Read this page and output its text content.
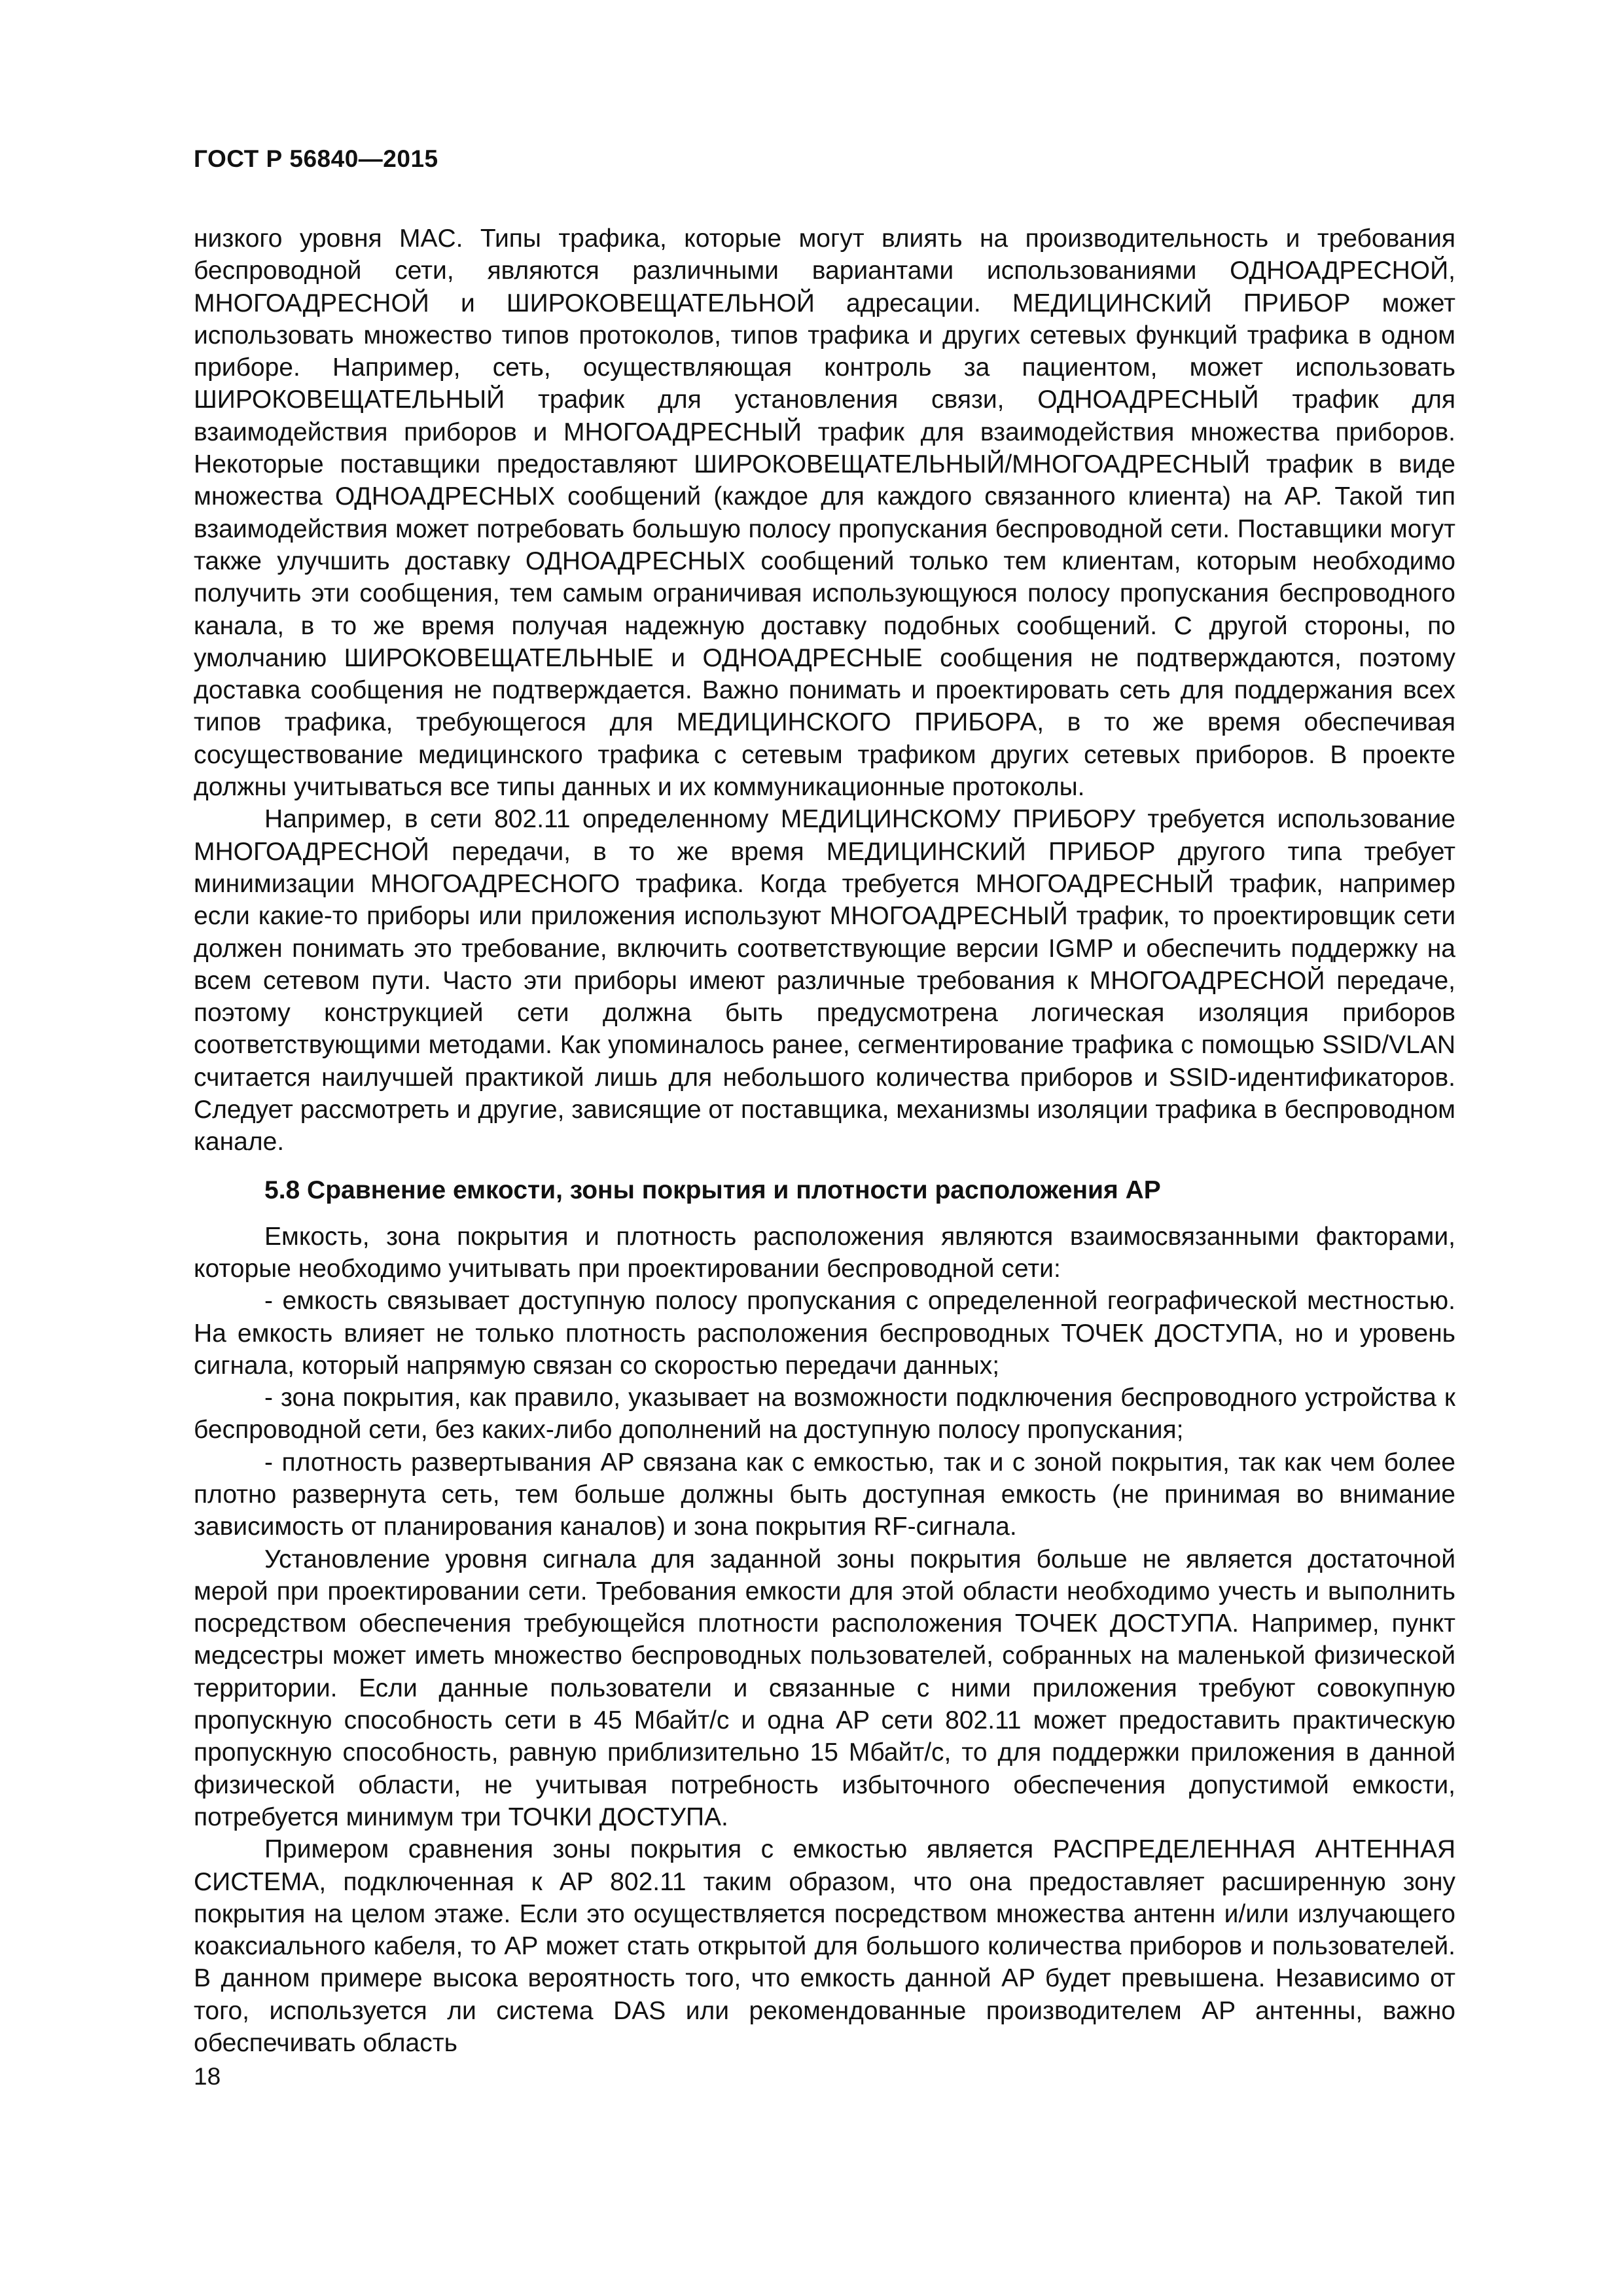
ГОСТ Р 56840—2015

низкого уровня MAC. Типы трафика, которые могут влиять на производительность и требования беспроводной сети, являются различными вариантами использованиями ОДНОАДРЕСНОЙ, МНОГОАДРЕСНОЙ и ШИРОКОВЕЩАТЕЛЬНОЙ адресации. МЕДИЦИНСКИЙ ПРИБОР может использовать множество типов протоколов, типов трафика и других сетевых функций трафика в одном приборе. Например, сеть, осуществляющая контроль за пациентом, может использовать ШИРОКОВЕЩАТЕЛЬНЫЙ трафик для установления связи, ОДНОАДРЕСНЫЙ трафик для взаимодействия приборов и МНОГОАДРЕСНЫЙ трафик для взаимодействия множества приборов. Некоторые поставщики предоставляют ШИРОКОВЕЩАТЕЛЬНЫЙ/МНОГОАДРЕСНЫЙ трафик в виде множества ОДНОАДРЕСНЫХ сообщений (каждое для каждого связанного клиента) на AP. Такой тип взаимодействия может потребовать большую полосу пропускания беспроводной сети. Поставщики могут также улучшить доставку ОДНОАДРЕСНЫХ сообщений только тем клиентам, которым необходимо получить эти сообщения, тем самым ограничивая использующуюся полосу пропускания беспроводного канала, в то же время получая надежную доставку подобных сообщений. С другой стороны, по умолчанию ШИРОКОВЕЩАТЕЛЬНЫЕ и ОДНОАДРЕСНЫЕ сообщения не подтверждаются, поэтому доставка сообщения не подтверждается. Важно понимать и проектировать сеть для поддержания всех типов трафика, требующегося для МЕДИЦИНСКОГО ПРИБОРА, в то же время обеспечивая сосуществование медицинского трафика с сетевым трафиком других сетевых приборов. В проекте должны учитываться все типы данных и их коммуникационные протоколы.

Например, в сети 802.11 определенному МЕДИЦИНСКОМУ ПРИБОРУ требуется использование МНОГОАДРЕСНОЙ передачи, в то же время МЕДИЦИНСКИЙ ПРИБОР другого типа требует минимизации МНОГОАДРЕСНОГО трафика. Когда требуется МНОГОАДРЕСНЫЙ трафик, например если какие-то приборы или приложения используют МНОГОАДРЕСНЫЙ трафик, то проектировщик сети должен понимать это требование, включить соответствующие версии IGMP и обеспечить поддержку на всем сетевом пути. Часто эти приборы имеют различные требования к МНОГОАДРЕСНОЙ передаче, поэтому конструкцией сети должна быть предусмотрена логическая изоляция приборов соответствующими методами. Как упоминалось ранее, сегментирование трафика с помощью SSID/VLAN считается наилучшей практикой лишь для небольшого количества приборов и SSID-идентификаторов. Следует рассмотреть и другие, зависящие от поставщика, механизмы изоляции трафика в беспроводном канале.

5.8 Сравнение емкости, зоны покрытия и плотности расположения AP

Емкость, зона покрытия и плотность расположения являются взаимосвязанными факторами, которые необходимо учитывать при проектировании беспроводной сети:

- емкость связывает доступную полосу пропускания с определенной географической местностью. На емкость влияет не только плотность расположения беспроводных ТОЧЕК ДОСТУПА, но и уровень сигнала, который напрямую связан со скоростью передачи данных;

- зона покрытия, как правило, указывает на возможности подключения беспроводного устройства к беспроводной сети, без каких-либо дополнений на доступную полосу пропускания;

- плотность развертывания AP связана как с емкостью, так и с зоной покрытия, так как чем более плотно развернута сеть, тем больше должны быть доступная емкость (не принимая во внимание зависимость от планирования каналов) и зона покрытия RF-сигнала.

Установление уровня сигнала для заданной зоны покрытия больше не является достаточной мерой при проектировании сети. Требования емкости для этой области необходимо учесть и выполнить посредством обеспечения требующейся плотности расположения ТОЧЕК ДОСТУПА. Например, пункт медсестры может иметь множество беспроводных пользователей, собранных на маленькой физической территории. Если данные пользователи и связанные с ними приложения требуют совокупную пропускную способность сети в 45 Мбайт/с и одна AP сети 802.11 может предоставить практическую пропускную способность, равную приблизительно 15 Мбайт/с, то для поддержки приложения в данной физической области, не учитывая потребность избыточного обеспечения допустимой емкости, потребуется минимум три ТОЧКИ ДОСТУПА.

Примером сравнения зоны покрытия с емкостью является РАСПРЕДЕЛЕННАЯ АНТЕННАЯ СИСТЕМА, подключенная к AP 802.11 таким образом, что она предоставляет расширенную зону покрытия на целом этаже. Если это осуществляется посредством множества антенн и/или излучающего коаксиального кабеля, то AP может стать открытой для большого количества приборов и пользователей. В данном примере высока вероятность того, что емкость данной AP будет превышена. Независимо от того, используется ли система DAS или рекомендованные производителем AP антенны, важно обеспечивать область

18
